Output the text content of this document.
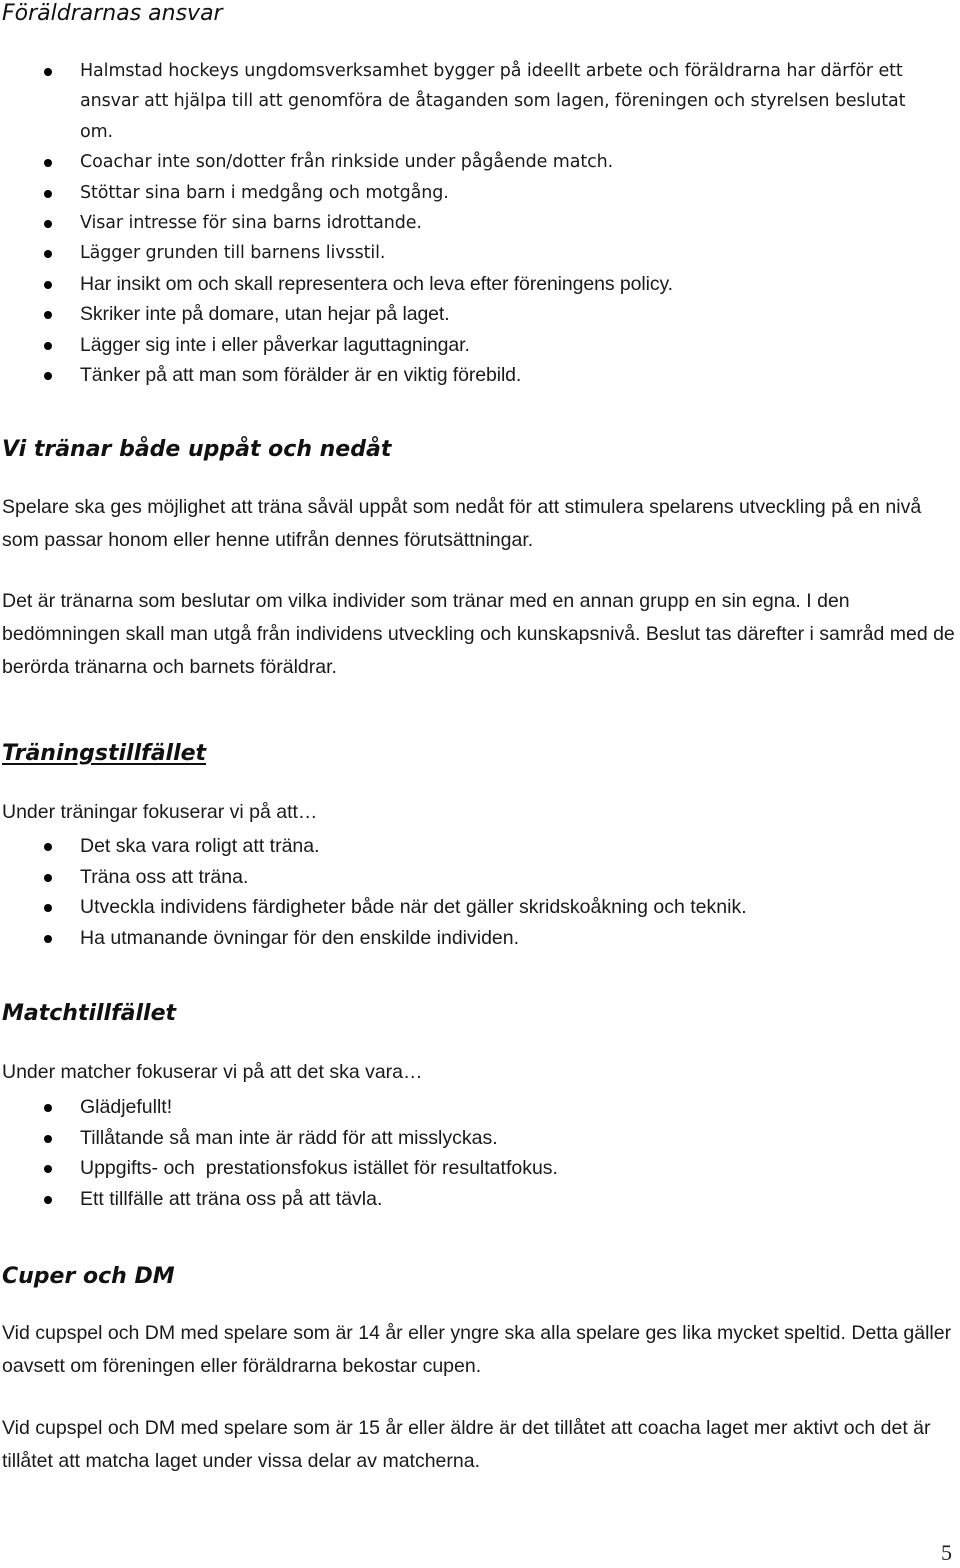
Föräldrarnas ansvar
Halmstad hockeys ungdomsverksamhet bygger på ideellt arbete och föräldrarna har därför ett ansvar att hjälpa till att genomföra de åtaganden som lagen, föreningen och styrelsen beslutat om.
Coachar inte son/dotter från rinkside under pågående match.
Stöttar sina barn i medgång och motgång.
Visar intresse för sina barns idrottande.
Lägger grunden till barnens livsstil.
Har insikt om och skall representera och leva efter föreningens policy.
Skriker inte på domare, utan hejar på laget.
Lägger sig inte i eller påverkar laguttagningar.
Tänker på att man som förälder är en viktig förebild.
Vi tränar både uppåt och nedåt

Spelare ska ges möjlighet att träna såväl uppåt som nedåt för att stimulera spelarens utveckling på en nivå som passar honom eller henne utifrån dennes förutsättningar.

Det är tränarna som beslutar om vilka individer som tränar med en annan grupp en sin egna. I den bedömningen skall man utgå från individens utveckling och kunskapsnivå. Beslut tas därefter i samråd med de berörda tränarna och barnets föräldrar.

Träningstillfället

Under träningar fokuserar vi på att…

Det ska vara roligt att träna.
Träna oss att träna.
Utveckla individens färdigheter både när det gäller skridskoåkning och teknik.
Ha utmanande övningar för den enskilde individen.
Matchtillfället

Under matcher fokuserar vi på att det ska vara…

Glädjefullt!
Tillåtande så man inte är rädd för att misslyckas.
Uppgifts- och  prestationsfokus istället för resultatfokus.
Ett tillfälle att träna oss på att tävla.
Cuper och DM

Vid cupspel och DM med spelare som är 14 år eller yngre ska alla spelare ges lika mycket speltid. Detta gäller oavsett om föreningen eller föräldrarna bekostar cupen.

Vid cupspel och DM med spelare som är 15 år eller äldre är det tillåtet att coacha laget mer aktivt och det är tillåtet att matcha laget under vissa delar av matcherna.

5
